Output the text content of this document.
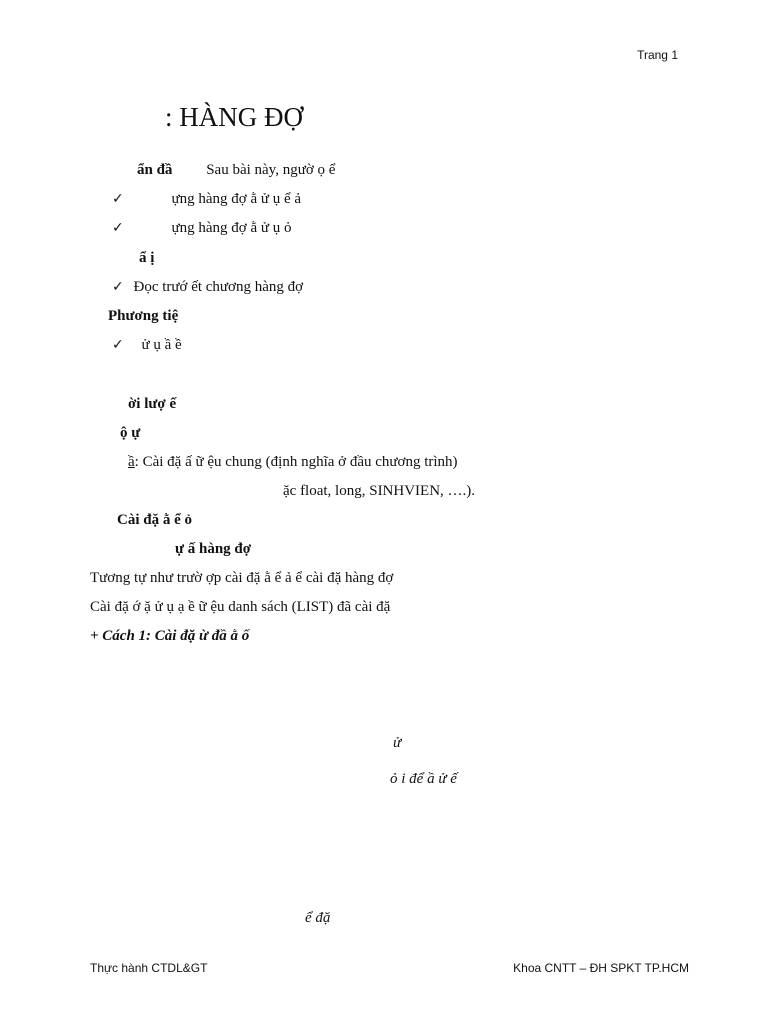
Trang 1
: HÀNG ĐỢ
ẩn đầ Sau bài này, ngườ ọ ể
✓	ựng hàng đợ ằ ử ụ ể ả
✓	ựng hàng đợ ằ ử ụ ỏ
ẩ ị
✓ Đọc trướ ết chương hàng đợ
Phương tiệ
✓ ử ụ ầ ề
ời lượ ế
ộ ự
ầ: Cài đặ ấ ữ ệu chung (định nghĩa ở đầu chương trình)
ặc float, long, SINHVIEN, ….).
Cài đặ ằ ể ỏ
ự ấ hàng đợ
Tương tự như trườ ợp cài đặ ằ ể ả ể cài đặ hàng đợ
Cài đặ ớ ặ ử ụ ạ ề ữ ệu danh sách (LIST) đã cài đặ
+ Cách 1: Cài đặ ừ đầ ằ ố
ử
ỏ i để ầ ử ế
ể đặ
Thực hành CTDL&GT	Khoa CNTT – ĐH SPKT TP.HCM
